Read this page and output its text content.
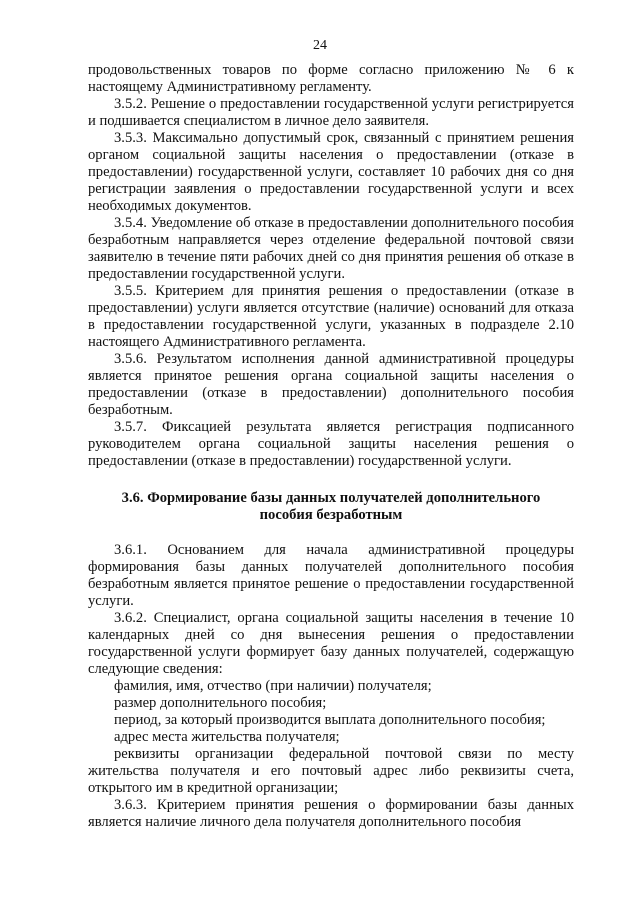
24

продовольственных товаров по форме согласно приложению № 6 к настоящему Административному регламенту.

3.5.2. Решение о предоставлении государственной услуги регистрируется и подшивается специалистом в личное дело заявителя.

3.5.3. Максимально допустимый срок, связанный с принятием решения органом социальной защиты населения о предоставлении (отказе в предоставлении) государственной услуги, составляет 10 рабочих дня со дня регистрации заявления о предоставлении государственной услуги и всех необходимых документов.

3.5.4. Уведомление об отказе в предоставлении дополнительного пособия безработным направляется через отделение федеральной почтовой связи заявителю в течение пяти рабочих дней со дня принятия решения об отказе в предоставлении государственной услуги.

3.5.5. Критерием для принятия решения о предоставлении (отказе в предоставлении) услуги является отсутствие (наличие) оснований для отказа в предоставлении государственной услуги, указанных в подразделе 2.10 настоящего Административного регламента.

3.5.6. Результатом исполнения данной административной процедуры является принятое решения органа социальной защиты населения о предоставлении (отказе в предоставлении) дополнительного пособия безработным.

3.5.7. Фиксацией результата является регистрация подписанного руководителем органа социальной защиты населения решения о предоставлении (отказе в предоставлении) государственной услуги.

3.6. Формирование базы данных получателей дополнительного
пособия безработным

3.6.1. Основанием для начала административной процедуры формирования базы данных получателей дополнительного пособия безработным является принятое решение о предоставлении государственной услуги.

3.6.2. Специалист, органа социальной защиты населения в течение 10 календарных дней со дня вынесения решения о предоставлении государственной услуги формирует базу данных получателей, содержащую следующие сведения:

фамилия, имя, отчество (при наличии) получателя;

размер дополнительного пособия;

период, за который производится выплата дополнительного пособия;

адрес места жительства получателя;

реквизиты организации федеральной почтовой связи по месту жительства получателя и его почтовый адрес либо реквизиты счета, открытого им в кредитной организации;

3.6.3. Критерием принятия решения о формировании базы данных является наличие личного дела получателя дополнительного пособия
